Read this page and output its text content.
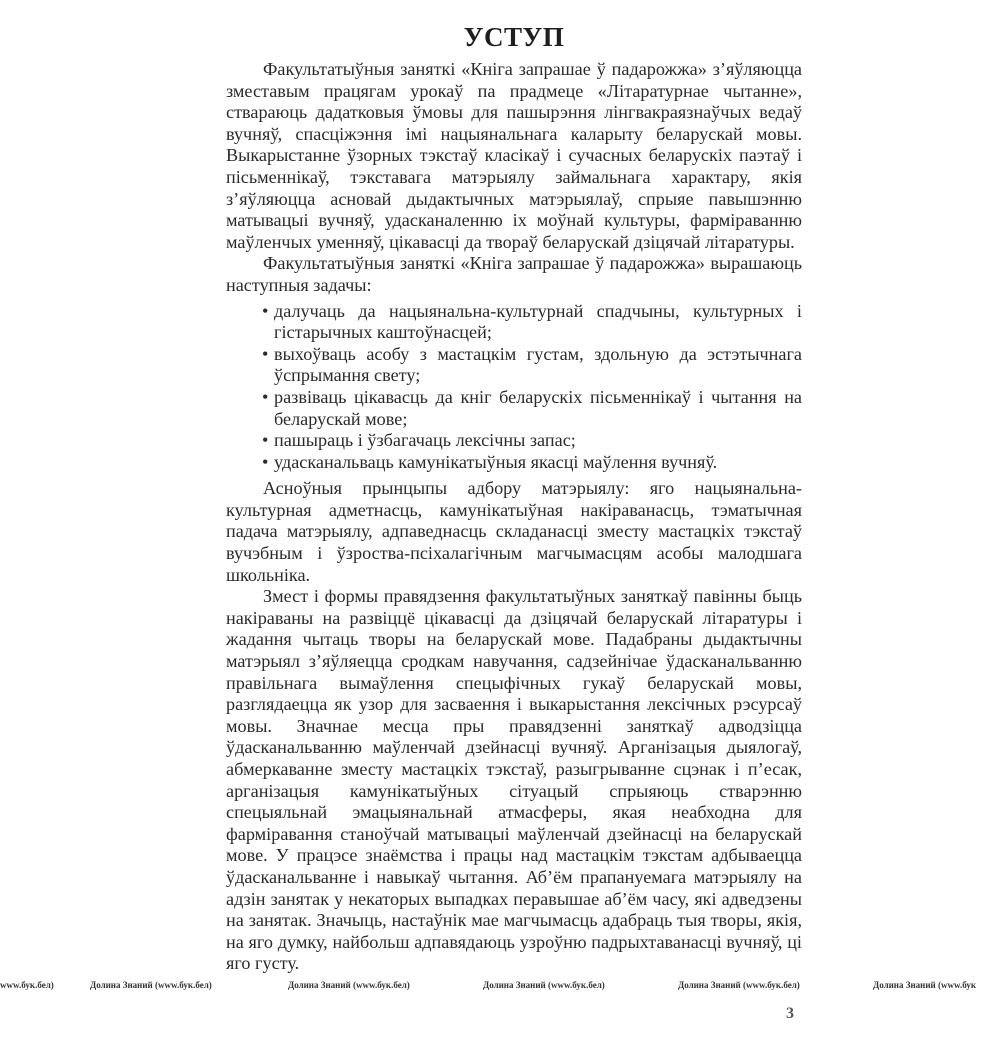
УСТУП

Факультатыўныя заняткі «Кніга запрашае ў падарожжа» з’яўляюцца зместавым працягам урокаў па прадмеце «Літаратурнае чытанне», ствараюць дадатковыя ўмовы для пашырэння лінгвакраязнаўчых ведаў вучняў, спасціжэння імі нацыянальнага каларыту беларускай мовы. Выкарыстанне ўзорных тэкстаў класікаў і сучасных беларускіх паэтаў і пісьменнікаў, тэкставага матэрыялу займальнага характару, якія з’яўляюцца асновай дыдактычных матэрыялаў, спрыяе павышэнню матывацыі вучняў, удасканаленню іх моўнай культуры, фарміраванню маўленчых уменняў, цікавасці да твораў беларускай дзіцячай літаратуры.

Факультатыўныя заняткі «Кніга запрашае ў падарожжа» вырашаюць наступныя задачы:

• далучаць да нацыянальна-культурнай спадчыны, культурных і гістарычных каштоўнасцей;
• выхоўваць асобу з мастацкім густам, здольную да эстэтычнага ўспрымання свету;
• развіваць цікавасць да кніг беларускіх пісьменнікаў і чытання на беларускай мове;
• пашыраць і ўзбагачаць лексічны запас;
• удасканальваць камунікатыўныя якасці маўлення вучняў.

Асноўныя прынцыпы адбору матэрыялу: яго нацыянальна-культурная адметнасць, камунікатыўная накіраванасць, тэматычная падача матэрыялу, адпаведнасць складанасці зместу мастацкіх тэкстаў вучэбным і ўзроства-псіхалагічным магчымасцям асобы малодшага школьніка.

Змест і формы правядзення факультатыўных заняткаў павінны быць накіраваны на развіццё цікавасці да дзіцячай беларускай літаратуры і жадання чытаць творы на беларускай мове. Падабраны дыдактычны матэрыял з’яўляецца сродкам навучання, садзейнічае ўдасканальванню правільнага вымаўлення спецыфічных гукаў беларускай мовы, разглядаецца як узор для засваення і выкарыстання лексічных рэсурсаў мовы. Значнае месца пры правядзенні заняткаў адводзіцца ўдасканальванню маўленчай дзейнасці вучняў. Арганізацыя дыялогаў, абмеркаванне зместу мастацкіх тэкстаў, разыгрыванне сцэнак і п’есак, арганізацыя камунікатыўных сітуацый спрыяюць стварэнню спецыяльнай эмацыянальнай атмасферы, якая неабходна для фарміравання станоўчай матывацыі маўленчай дзейнасці на беларускай мове. У працэсе знаёмства і працы над мастацкім тэкстам адбываецца ўдасканальванне і навыкаў чытання. Аб’ём прапануемага матэрыялу на адзін занятак у некаторых выпадках перавышае аб’ём часу, які адведзены на занятак. Значыць, настаўнік мае магчымасць адабраць тыя творы, якія, на яго думку, найбольш адпавядаюць узроўню падрыхтаванасці вучняў, ці яго густу.

www.бук.бел)	Долина Знаний (www.бук.бел)	Долина Знаний (www.бук.бел)	Долина Знаний (www.бук.бел)	Долина Знаний (www.бук.бел)	Долина Знаний (www.бук
3
